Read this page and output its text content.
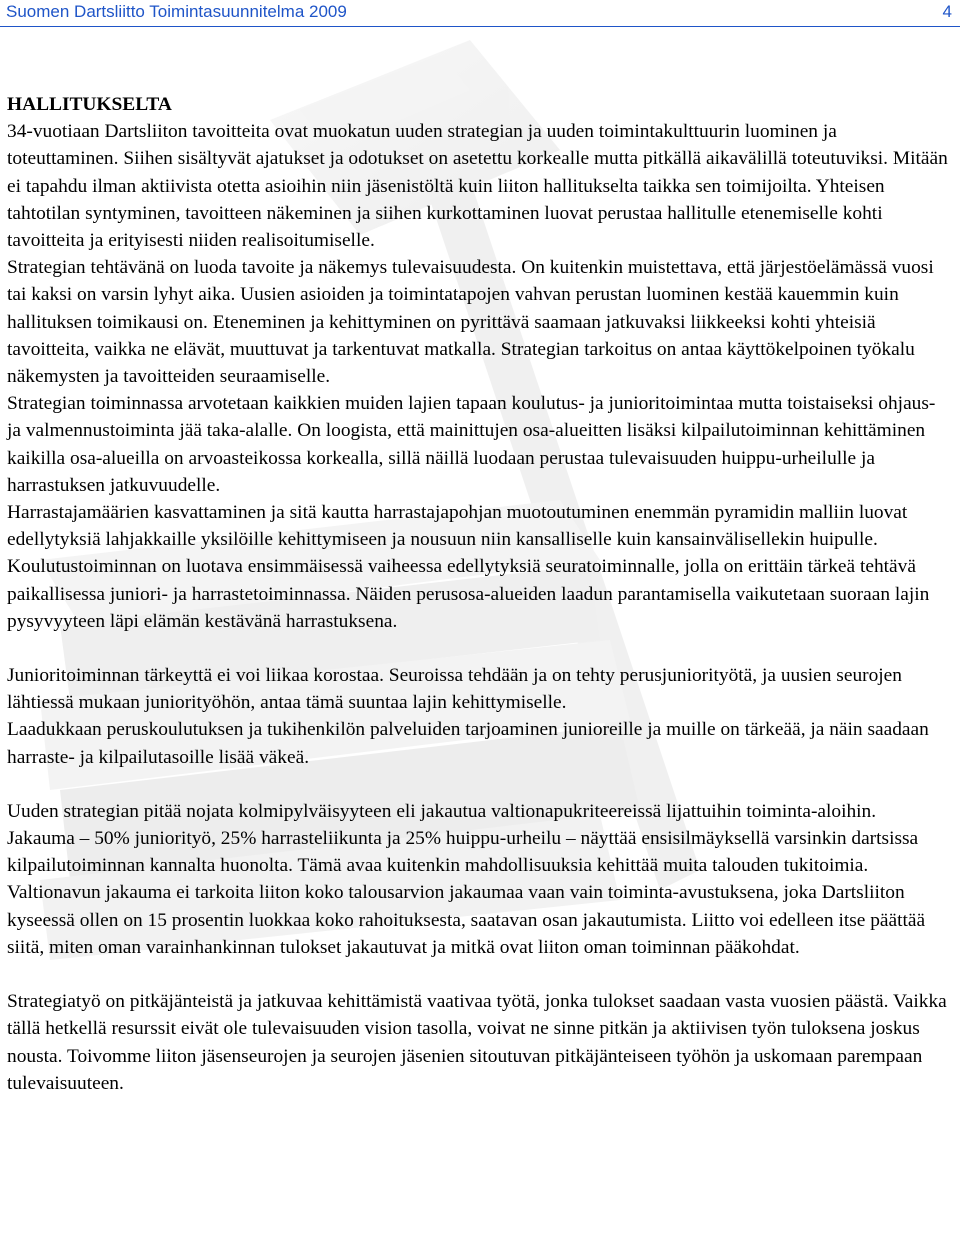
Suomen Dartsliitto Toimintasuunnitelma 2009	4

HALLITUKSELTA

34-vuotiaan Dartsliiton tavoitteita ovat muokatun uuden strategian ja uuden toimintakulttuurin luominen ja toteuttaminen. Siihen sisältyvät ajatukset ja odotukset on asetettu korkealle mutta pitkällä aikavälillä toteutuviksi. Mitään ei tapahdu ilman aktiivista otetta asioihin niin jäsenistöltä kuin liiton hallitukselta taikka sen toimijoilta. Yhteisen tahtotilan syntyminen, tavoitteen näkeminen ja siihen kurkottaminen luovat perustaa hallitulle etenemiselle kohti tavoitteita ja erityisesti niiden realisoitumiselle.

Strategian tehtävänä on luoda tavoite ja näkemys tulevaisuudesta. On kuitenkin muistettava, että järjestöelämässä vuosi tai kaksi on varsin lyhyt aika. Uusien asioiden ja toimintatapojen vahvan perustan luominen kestää kauemmin kuin hallituksen toimikausi on. Eteneminen ja kehittyminen on pyrittävä saamaan jatkuvaksi liikkeeksi kohti yhteisiä tavoitteita, vaikka ne elävät, muuttuvat ja tarkentuvat matkalla. Strategian tarkoitus on antaa käyttökelpoinen työkalu näkemysten ja tavoitteiden seuraamiselle.

Strategian toiminnassa arvotetaan kaikkien muiden lajien tapaan koulutus- ja junioritoimintaa mutta toistaiseksi ohjaus- ja valmennustoiminta jää taka-alalle. On loogista, että mainittujen osa-alueitten lisäksi kilpailutoiminnan kehittäminen kaikilla osa-alueilla on arvoasteikossa korkealla, sillä näillä luodaan perustaa tulevaisuuden huippu-urheilulle ja harrastuksen jatkuvuudelle.

Harrastajamäärien kasvattaminen ja sitä kautta harrastajapohjan muotoutuminen enemmän pyramidin malliin luovat edellytyksiä lahjakkaille yksilöille kehittymiseen ja nousuun niin kansalliselle kuin kansainvälisellekin huipulle.

Koulutustoiminnan on luotava ensimmäisessä vaiheessa edellytyksiä seuratoiminnalle, jolla on erittäin tärkeä tehtävä paikallisessa juniori- ja harrastetoiminnassa. Näiden perusosa-alueiden laadun parantamisella vaikutetaan suoraan lajin pysyvyyteen läpi elämän kestävänä harrastuksena.

Junioritoiminnan tärkeyttä ei voi liikaa korostaa. Seuroissa tehdään ja on tehty perusjuniorityötä, ja uusien seurojen lähtiessä mukaan juniorityöhön, antaa tämä suuntaa lajin kehittymiselle.

Laadukkaan peruskoulutuksen ja tukihenkilön palveluiden tarjoaminen junioreille ja muille on tärkeää, ja näin saadaan harraste- ja kilpailutasoille lisää väkeä.

Uuden strategian pitää nojata kolmipylväisyyteen eli jakautua valtionapukriteereissä lijattuihin toiminta-aloihin.

Jakauma – 50% juniorityö, 25% harrasteliikunta ja 25% huippu-urheilu – näyttää ensisilmäyksellä varsinkin dartsissa kilpailutoiminnan kannalta huonolta. Tämä avaa kuitenkin mahdollisuuksia kehittää muita talouden tukitoimia. Valtionavun jakauma ei tarkoita liiton koko talousarvion jakaumaa vaan vain toiminta-avustuksena, joka Dartsliiton kyseessä ollen on 15 prosentin luokkaa koko rahoituksesta, saatavan osan jakautumista. Liitto voi edelleen itse päättää siitä, miten oman varainhankinnan tulokset jakautuvat ja mitkä ovat liiton oman toiminnan pääkohdat.

Strategiatyö on pitkäjänteistä ja jatkuvaa kehittämistä vaativaa työtä, jonka tulokset saadaan vasta vuosien päästä. Vaikka tällä hetkellä resurssit eivät ole tulevaisuuden vision tasolla, voivat ne sinne pitkän ja aktiivisen työn tuloksena joskus nousta. Toivomme liiton jäsenseurojen ja seurojen jäsenien sitoutuvan pitkäjänteiseen työhön ja uskomaan parempaan tulevaisuuteen.
